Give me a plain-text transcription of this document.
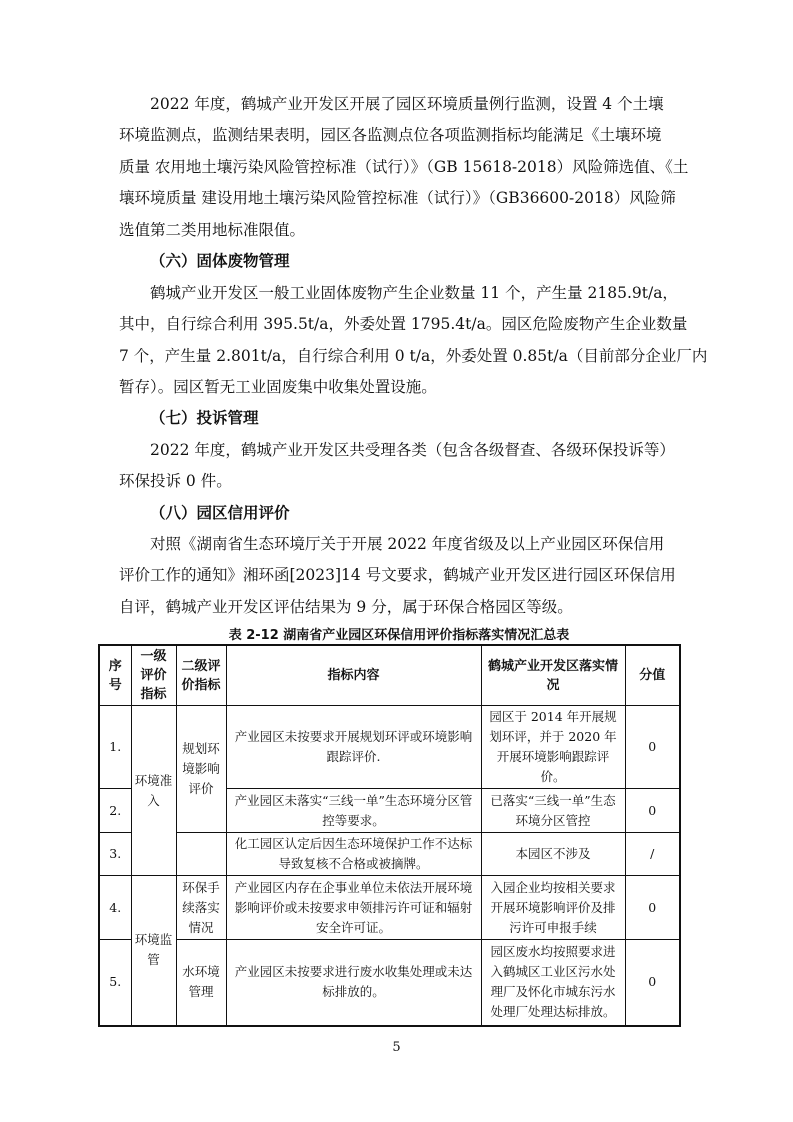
2022 年度，鹤城产业开发区开展了园区环境质量例行监测，设置 4 个土壤
环境监测点，监测结果表明，园区各监测点位各项监测指标均能满足《土壤环境
质量 农用地土壤污染风险管控标准（试行）》（GB 15618-2018）风险筛选值、《土
壤环境质量 建设用地土壤污染风险管控标准（试行）》（GB36600-2018）风险筛
选值第二类用地标准限值。
（六）固体废物管理
鹤城产业开发区一般工业固体废物产生企业数量 11 个，产生量 2185.9t/a，
其中，自行综合利用 395.5t/a，外委处置 1795.4t/a。园区危险废物产生企业数量
7 个，产生量 2.801t/a，自行综合利用 0 t/a，外委处置 0.85t/a（目前部分企业厂内
暂存）。园区暂无工业固废集中收集处置设施。
（七）投诉管理
2022 年度，鹤城产业开发区共受理各类（包含各级督查、各级环保投诉等）
环保投诉 0 件。
（八）园区信用评价
对照《湖南省生态环境厅关于开展 2022 年度省级及以上产业园区环保信用
评价工作的通知》湘环函[2023]14 号文要求，鹤城产业开发区进行园区环保信用
自评，鹤城产业开发区评估结果为 9 分，属于环保合格园区等级。

表 2-12 湖南省产业园区环保信用评价指标落实情况汇总表

序号	一级评价指标	二级评价指标	指标内容	鹤城产业开发区落实情况	分值
1.	环境准入	规划环境影响评价	产业园区未按要求开展规划环评或环境影响跟踪评价.	园区于 2014 年开展规划环评，并于 2020 年开展环境影响跟踪评价。	0
2.			产业园区未落实“三线一单”生态环境分区管控等要求。	已落实“三线一单”生态环境分区管控	0
3.			化工园区认定后因生态环境保护工作不达标导致复核不合格或被摘牌。	本园区不涉及	/
4.	环境监管	环保手续落实情况	产业园区内存在企事业单位未依法开展环境影响评价或未按要求申领排污许可证和辐射安全许可证。	入园企业均按相关要求开展环境影响评价及排污许可申报手续	0
5.		水环境管理	产业园区未按要求进行废水收集处理或未达标排放的。	园区废水均按照要求进入鹤城区工业区污水处理厂及怀化市城东污水处理厂处理达标排放。	0

5
